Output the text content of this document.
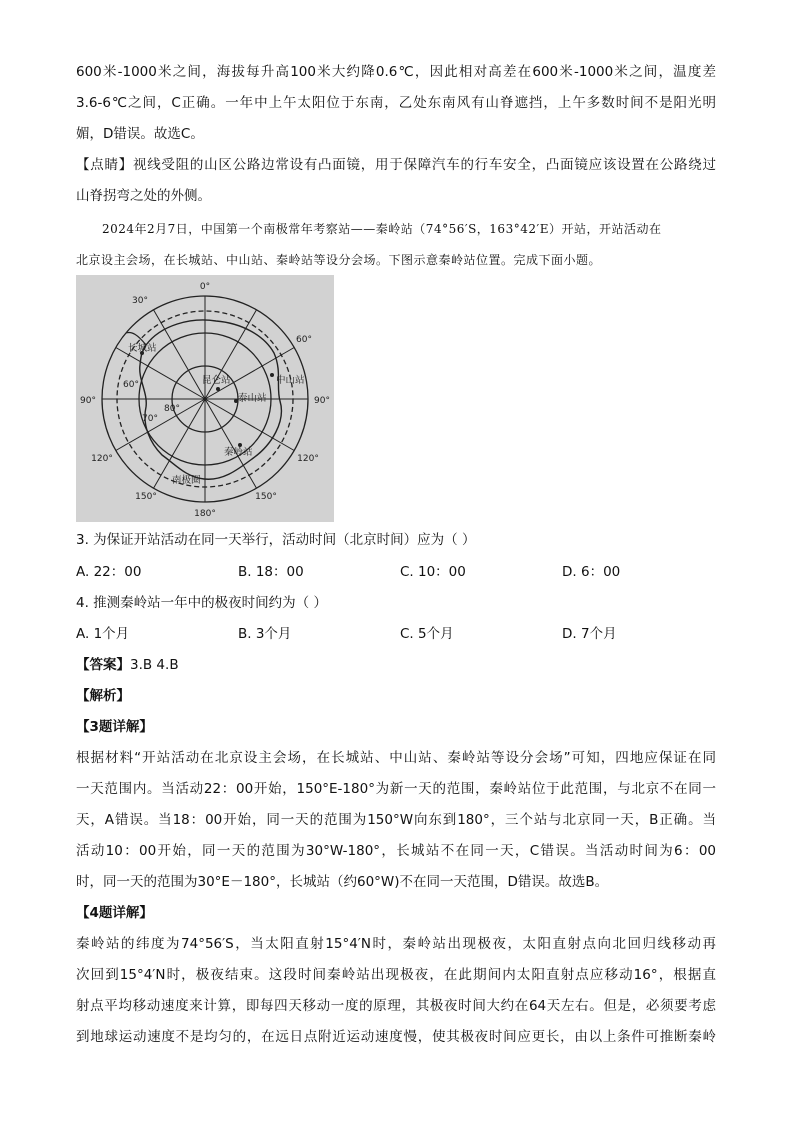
600米-1000米之间，海拔每升高100米大约降0.6℃，因此相对高差在600米-1000米之间，温度差
3.6-6℃之间，C正确。一年中上午太阳位于东南，乙处东南风有山脊遮挡，上午多数时间不是阳光明
媚，D错误。故选C。
【点睛】视线受阻的山区公路边常设有凸面镜，用于保障汽车的行车安全，凸面镜应该设置在公路绕过
山脊拐弯之处的外侧。
2024年2月7日，中国第一个南极常年考察站——秦岭站（74°56′S，163°42′E）开站，开站活动在
北京设主会场，在长城站、中山站、秦岭站等设分会场。下图示意秦岭站位置。完成下面小题。
0°
30°
60°
90°	90°
120°	120°
150°	150°
180°
60°
70°
80°
长城站
昆仑站	中山站
泰山站
秦岭站
南极圈
3. 为保证开站活动在同一天举行，活动时间（北京时间）应为（ ）
A. 22：00	B. 18：00	C. 10：00	D. 6：00
4. 推测秦岭站一年中的极夜时间约为（ ）
A. 1个月	B. 3个月	C. 5个月	D. 7个月
【答案】3.B 4.B
【解析】
【3题详解】
根据材料“开站活动在北京设主会场，在长城站、中山站、秦岭站等设分会场”可知，四地应保证在同
一天范围内。当活动22：00开始，150°E-180°为新一天的范围，秦岭站位于此范围，与北京不在同一
天，A错误。当18：00开始，同一天的范围为150°W向东到180°，三个站与北京同一天，B正确。当
活动10：00开始，同一天的范围为30°W-180°，长城站不在同一天，C错误。当活动时间为6：00
时，同一天的范围为30°E－180°，长城站（约60°W)不在同一天范围，D错误。故选B。
【4题详解】
秦岭站的纬度为74°56′S，当太阳直射15°4′N时，秦岭站出现极夜，太阳直射点向北回归线移动再
次回到15°4′N时，极夜结束。这段时间秦岭站出现极夜，在此期间内太阳直射点应移动16°，根据直
射点平均移动速度来计算，即每四天移动一度的原理，其极夜时间大约在64天左右。但是，必须要考虑
到地球运动速度不是均匀的，在远日点附近运动速度慢，使其极夜时间应更长，由以上条件可推断秦岭
